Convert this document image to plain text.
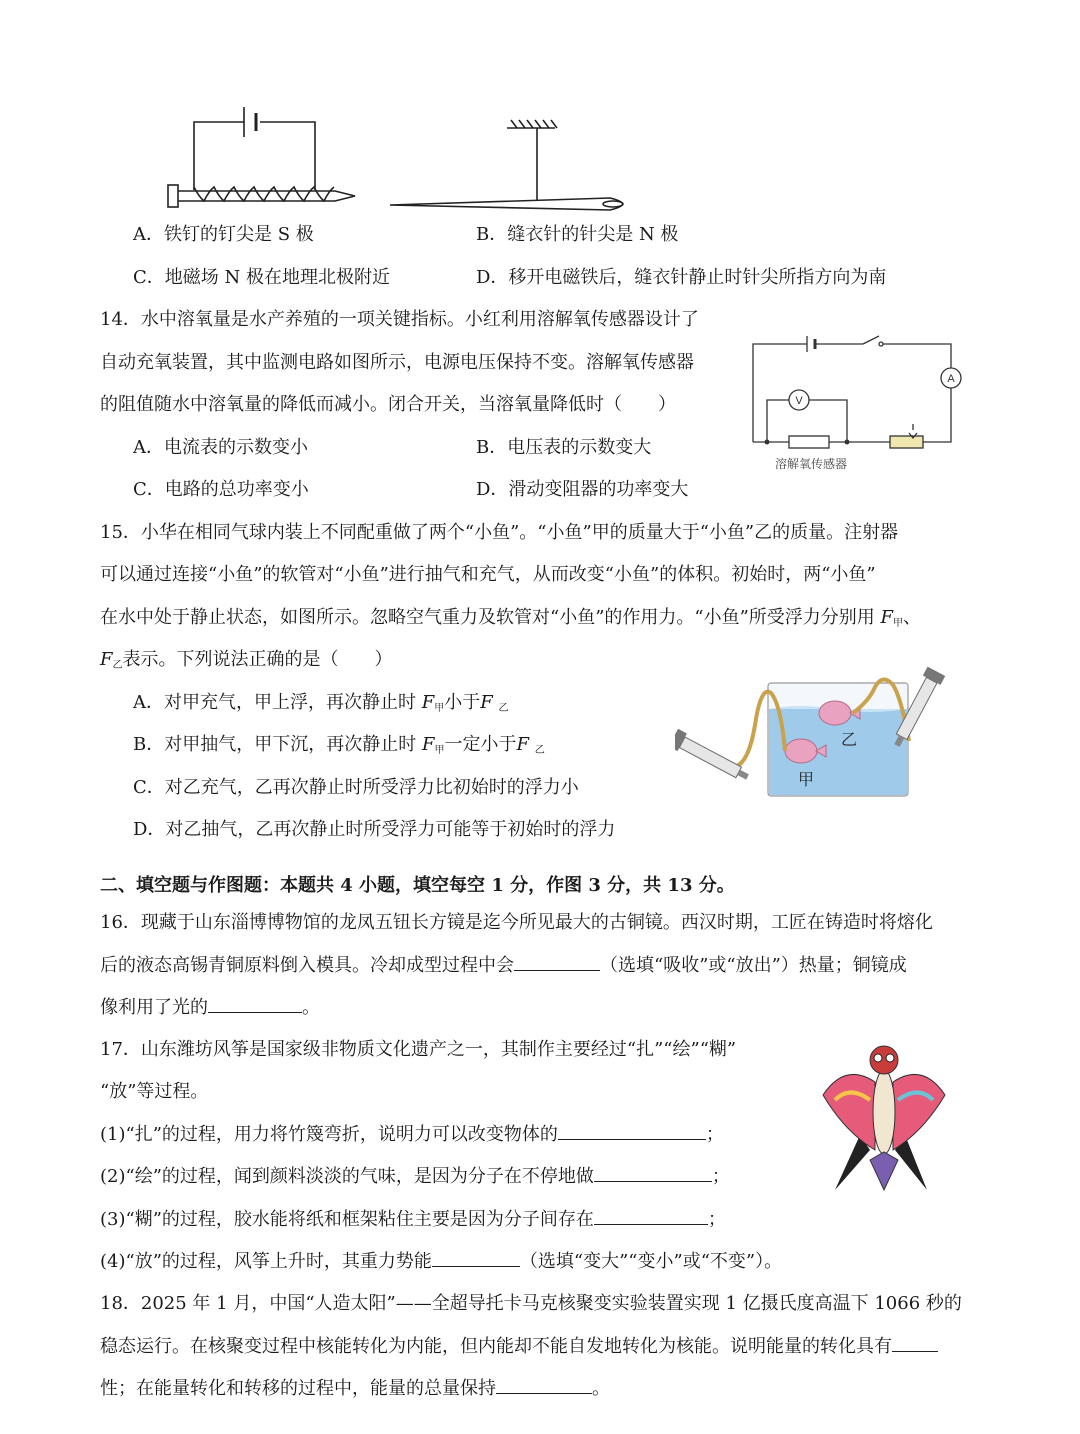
A．铁钉的钉尖是 S 极	B．缝衣针的针尖是 N 极
C．地磁场 N 极在地理北极附近	D．移开电磁铁后，缝衣针静止时针尖所指方向为南
14．水中溶氧量是水产养殖的一项关键指标。小红利用溶解氧传感器设计了
自动充氧装置，其中监测电路如图所示，电源电压保持不变。溶解氧传感器
的阻值随水中溶氧量的降低而减小。闭合开关，当溶氧量降低时（　　）
A．电流表的示数变小	B．电压表的示数变大
C．电路的总功率变小	D．滑动变阻器的功率变大
V
A
溶解氧传感器
15．小华在相同气球内装上不同配重做了两个“小鱼”。“小鱼”甲的质量大于“小鱼”乙的质量。注射器
可以通过连接“小鱼”的软管对“小鱼”进行抽气和充气，从而改变“小鱼”的体积。初始时，两“小鱼”
在水中处于静止状态，如图所示。忽略空气重力及软管对“小鱼”的作用力。“小鱼”所受浮力分别用 $F_甲$、
$F_乙$表示。下列说法正确的是（　　）
A．对甲充气，甲上浮，再次静止时 $F_甲$小于F $_乙$
B．对甲抽气，甲下沉，再次静止时 $F_甲$一定小于F $_乙$
C．对乙充气，乙再次静止时所受浮力比初始时的浮力小
D．对乙抽气，乙再次静止时所受浮力可能等于初始时的浮力
甲
乙
二、填空题与作图题：本题共 4 小题，填空每空 1 分，作图 3 分，共 13 分。
16．现藏于山东淄博博物馆的龙凤五钮长方镜是迄今所见最大的古铜镜。西汉时期，工匠在铸造时将熔化
后的液态高锡青铜原料倒入模具。冷却成型过程中会	（选填“吸收”或“放出”）热量；铜镜成
像利用了光的	。
17．山东潍坊风筝是国家级非物质文化遗产之一，其制作主要经过“扎”“绘”“糊”
“放”等过程。
(1)“扎”的过程，用力将竹篾弯折，说明力可以改变物体的	；
(2)“绘”的过程，闻到颜料淡淡的气味，是因为分子在不停地做	；
(3)“糊”的过程，胶水能将纸和框架粘住主要是因为分子间存在	；
(4)“放”的过程，风筝上升时，其重力势能	（选填“变大”“变小”或“不变”）。
18．2025 年 1 月，中国“人造太阳”——全超导托卡马克核聚变实验装置实现 1 亿摄氏度高温下 1066 秒的
稳态运行。在核聚变过程中核能转化为内能，但内能却不能自发地转化为核能。说明能量的转化具有
性；在能量转化和转移的过程中，能量的总量保持	。
